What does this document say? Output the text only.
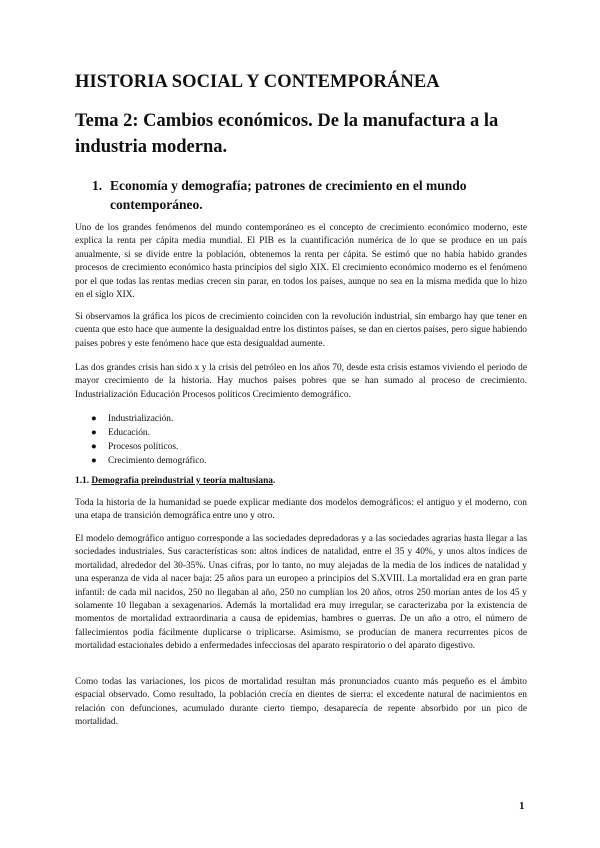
HISTORIA SOCIAL Y CONTEMPORÁNEA
Tema 2: Cambios económicos. De la manufactura a la industria moderna.
1. Economía y demografía; patrones de crecimiento en el mundo contemporáneo.

Uno de los grandes fenómenos del mundo contemporáneo es el concepto de crecimiento económico moderno, este explica la renta per cápita media mundial. El PIB es la cuantificación numérica de lo que se produce en un país anualmente, si se divide entre la población, obtenemos la renta per cápita. Se estimó que no había habido grandes procesos de crecimiento económico hasta principios del siglo XIX. El crecimiento económico moderno es el fenómeno por el que todas las rentas medias crecen sin parar, en todos los países, aunque no sea en la misma medida que lo hizo en el siglo XIX.

Si observamos la gráfica los picos de crecimiento coinciden con la revolución industrial, sin embargo hay que tener en cuenta que esto hace que aumente la desigualdad entre los distintos países, se dan en ciertos países, pero sigue habiendo países pobres y este fenómeno hace que esta desigualdad aumente.

Las dos grandes crisis han sido x y la crisis del petróleo en los años 70, desde esta crisis estamos viviendo el periodo de mayor crecimiento de la historia. Hay muchos países pobres que se han sumado al proceso de crecimiento. Industrialización Educación Procesos políticos Crecimiento demográfico.

●	Industrialización.
●	Educación.
●	Procesos políticos.
●	Crecimiento demográfico.

1.1. Demografía preindustrial y teoría maltusiana.

Toda la historia de la humanidad se puede explicar mediante dos modelos demográficos: el antiguo y el moderno, con una etapa de transición demográfica entre uno y otro.

El modelo demográfico antiguo corresponde a las sociedades depredadoras y a las sociedades agrarias hasta llegar a las sociedades industriales. Sus características son: altos índices de natalidad, entre el 35 y 40%, y unos altos índices de mortalidad, alrededor del 30-35%. Unas cifras, por lo tanto, no muy alejadas de la media de los índices de natalidad y una esperanza de vida al nacer baja: 25 años para un europeo a principios del S.XVIII. La mortalidad era en gran parte infantil: de cada mil nacidos, 250 no llegaban al año, 250 no cumplían los 20 años, otros 250 morían antes de los 45 y solamente 10 llegaban a sexagenarios. Además la mortalidad era muy irregular, se caracterizaba por la existencia de momentos de mortalidad extraordinaria a causa de epidemias, hambres o guerras. De un año a otro, el número de fallecimientos podía fácilmente duplicarse o triplicarse. Asimismo, se producían de manera recurrentes picos de mortalidad estacionales debido a enfermedades infecciosas del aparato respiratorio o del aparato digestivo.

Como todas las variaciones, los picos de mortalidad resultan más pronunciados cuanto más pequeño es el ámbito espacial observado. Como resultado, la población crecía en dientes de sierra: el excedente natural de nacimientos en relación con defunciones, acumulado durante cierto tiempo, desaparecía de repente absorbido por un pico de mortalidad.

1
